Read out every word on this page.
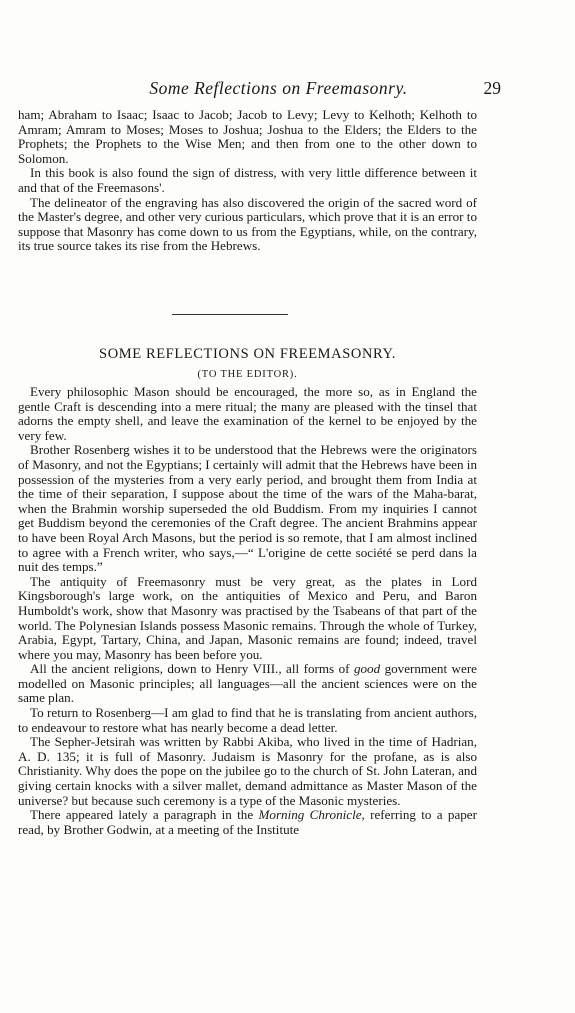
Some Reflections on Freemasonry.	29

ham; Abraham to Isaac; Isaac to Jacob; Jacob to Levy; Levy to Kelhoth; Kelhoth to Amram; Amram to Moses; Moses to Joshua; Joshua to the Elders; the Elders to the Prophets; the Prophets to the Wise Men; and then from one to the other down to Solomon.

In this book is also found the sign of distress, with very little difference between it and that of the Freemasons'.

The delineator of the engraving has also discovered the origin of the sacred word of the Master's degree, and other very curious particulars, which prove that it is an error to suppose that Masonry has come down to us from the Egyptians, while, on the contrary, its true source takes its rise from the Hebrews.

SOME REFLECTIONS ON FREEMASONRY.
(TO THE EDITOR).

Every philosophic Mason should be encouraged, the more so, as in England the gentle Craft is descending into a mere ritual; the many are pleased with the tinsel that adorns the empty shell, and leave the examination of the kernel to be enjoyed by the very few.

Brother Rosenberg wishes it to be understood that the Hebrews were the originators of Masonry, and not the Egyptians; I certainly will admit that the Hebrews have been in possession of the mysteries from a very early period, and brought them from India at the time of their separation, I suppose about the time of the wars of the Maha-barat, when the Brahmin worship superseded the old Buddism. From my inquiries I cannot get Buddism beyond the ceremonies of the Craft degree. The ancient Brahmins appear to have been Royal Arch Masons, but the period is so remote, that I am almost inclined to agree with a French writer, who says,—“ L'origine de cette société se perd dans la nuit des temps.”

The antiquity of Freemasonry must be very great, as the plates in Lord Kingsborough's large work, on the antiquities of Mexico and Peru, and Baron Humboldt's work, show that Masonry was practised by the Tsabeans of that part of the world. The Polynesian Islands possess Masonic remains. Through the whole of Turkey, Arabia, Egypt, Tartary, China, and Japan, Masonic remains are found; indeed, travel where you may, Masonry has been before you.

All the ancient religions, down to Henry VIII., all forms of good government were modelled on Masonic principles; all languages—all the ancient sciences were on the same plan.

To return to Rosenberg—I am glad to find that he is translating from ancient authors, to endeavour to restore what has nearly become a dead letter.

The Sepher-Jetsirah was written by Rabbi Akiba, who lived in the time of Hadrian, A. D. 135; it is full of Masonry. Judaism is Masonry for the profane, as is also Christianity. Why does the pope on the jubilee go to the church of St. John Lateran, and giving certain knocks with a silver mallet, demand admittance as Master Mason of the universe? but because such ceremony is a type of the Masonic mysteries.

There appeared lately a paragraph in the Morning Chronicle, referring to a paper read, by Brother Godwin, at a meeting of the Institute
